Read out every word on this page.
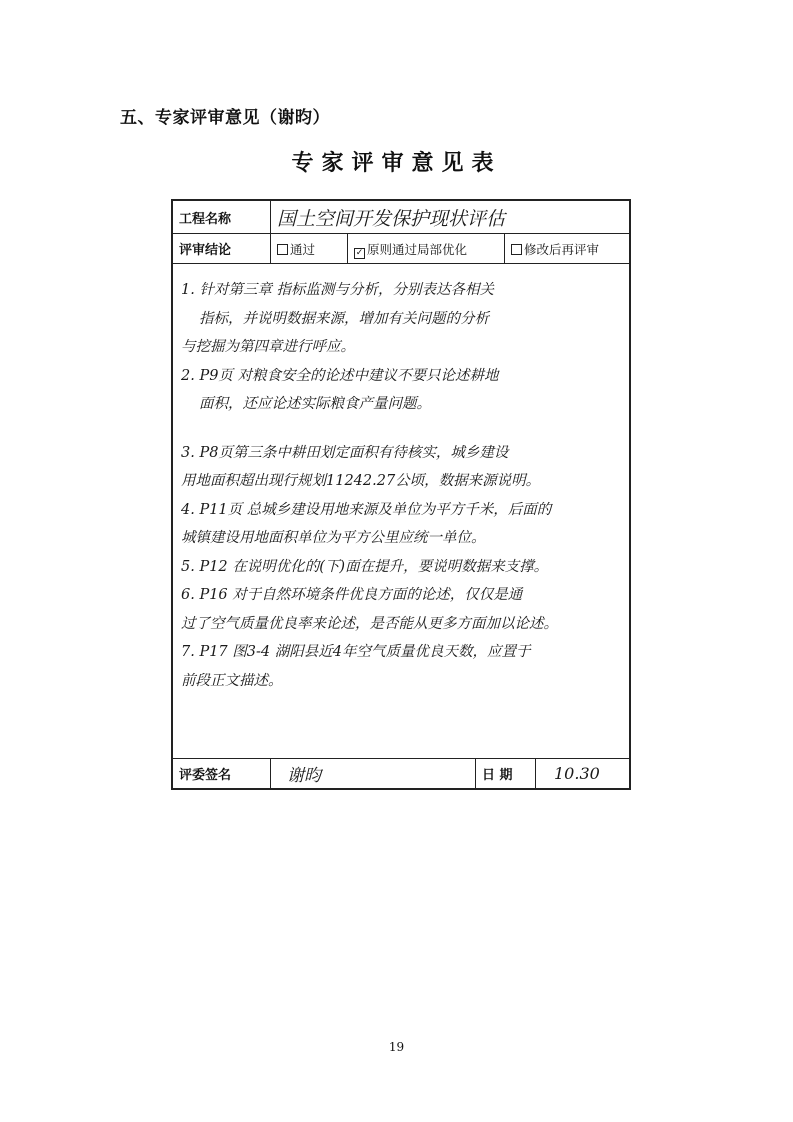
五、专家评审意见（谢昀）
专家评审意见表
工程名称	国土空间开发保护现状评估
评审结论	通过	✓ 原则通过局部优化	修改后再评审

1. 针对第三章 指标监测与分析，分别表达各相关

指标，并说明数据来源，增加有关问题的分析

与挖掘为第四章进行呼应。

2. P9页 对粮食安全的论述中建议不要只论述耕地

面积，还应论述实际粮食产量问题。

3. P8页第三条中耕田划定面积有待核实，城乡建设

用地面积超出现行规划11242.27公顷，数据来源说明。

4. P11页 总城乡建设用地来源及单位为平方千米，后面的

城镇建设用地面积单位为平方公里应统一单位。

5. P12 在说明优化的(下)面在提升，要说明数据来支撑。

6. P16 对于自然环境条件优良方面的论述，仅仅是通

过了空气质量优良率来论述，是否能从更多方面加以论述。

7. P17 图3-4 湖阳县近4年空气质量优良天数，应置于

前段正文描述。

评委签名	谢昀	日 期	10.30
19
